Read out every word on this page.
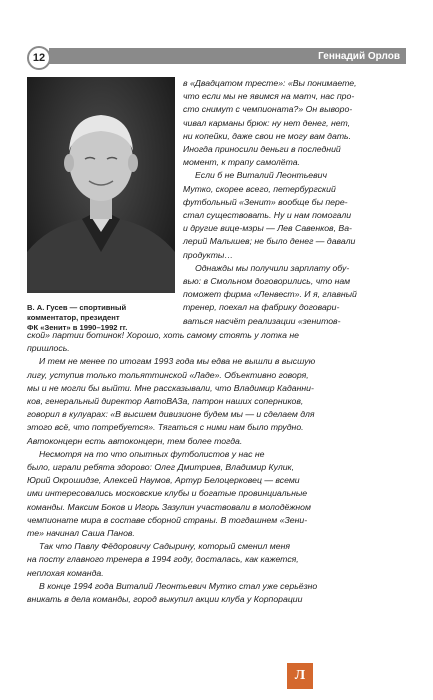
Геннадий Орлов
12

В. А. Гусев — спортивный
комментатор, президент
ФК «Зенит» в 1990–1992 гг.

в «Двадцатом тресте»: «Вы понимаете,
что если мы не явимся на матч, нас про-
сто снимут с чемпионата?» Он выворо-
чивал карманы брюк: ну нет денег, нет,
ни копейки, даже свои не могу вам дать.
Иногда приносили деньги в последний
момент, к трапу самолёта.
Если б не Виталий Леонтьевич
Мутко, скорее всего, петербургский
футбольный «Зенит» вообще бы пере-
стал существовать. Ну и нам помогали
и другие вице-мэры — Лев Савенков, Ва-
лерий Малышев; не было денег — давали
продукты…
Однажды мы получили зарплату обу-
вью: в Смольном договорились, что нам
поможет фирма «Ленвест». И я, главный
тренер, поехал на фабрику договари-
ваться насчёт реализации «зенитов-

ской» партии ботинок! Хорошо, хоть самому стоять у лотка не
пришлось.
И тем не менее по итогам 1993 года мы едва не вышли в высшую
лигу, уступив только тольяттинской «Ладе». Объективно говоря,
мы и не могли бы выйти. Мне рассказывали, что Владимир Каданни-
ков, генеральный директор АвтоВАЗа, патрон наших соперников,
говорил в кулуарах: «В высшем дивизионе будем мы — и сделаем для
этого всё, что потребуется». Тягаться с ними нам было трудно.
Автоконцерн есть автоконцерн, тем более тогда.
Несмотря на то что опытных футболистов у нас не
было, играли ребята здорово: Олег Дмитриев, Владимир Кулик,
Юрий Окрошидзе, Алексей Наумов, Артур Белоцерковец — всеми
ими интересовались московские клубы и богатые провинциальные
команды. Максим Боков и Игорь Зазулин участвовали в молодёжном
чемпионате мира в составе сборной страны. В тогдашнем «Зени-
те» начинал Саша Панов.
Так что Павлу Фёдоровичу Садырину, который сменил меня
на посту главного тренера в 1994 году, досталась, как кажется,
неплохая команда.
В конце 1994 года Виталий Леонтьевич Мутко стал уже серьёзно
вникать в дела команды, город выкупил акции клуба у Корпорации

Л
